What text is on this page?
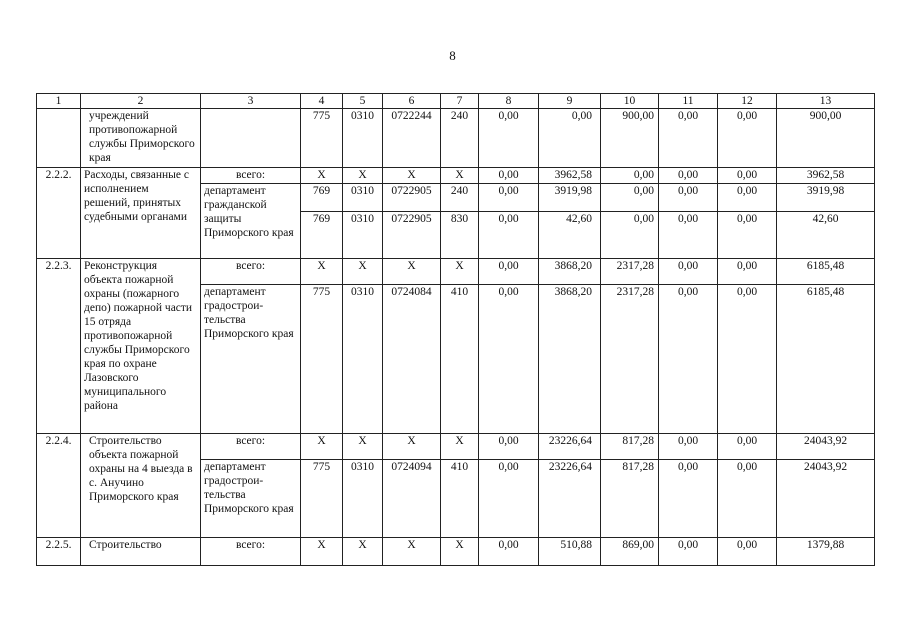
8
1	2	3	4	5	6	7	8	9	10	11	12	13
	учреждений противопожарной службы Приморского края		775	0310	0722244	240	0,00	0,00	900,00	0,00	0,00	900,00
2.2.2.	Расходы, связанные с исполнением решений, принятых судебными органами	всего:	X	X	X	X	0,00	3962,58	0,00	0,00	0,00	3962,58
		департамент гражданской защиты Приморского края	769	0310	0722905	240	0,00	3919,98	0,00	0,00	0,00	3919,98
			769	0310	0722905	830	0,00	42,60	0,00	0,00	0,00	42,60
2.2.3.	Реконструкция объекта пожарной охраны (пожарного депо) пожарной части 15 отряда противопожарной службы Приморского края по охране Лазовского муниципального района	всего:	X	X	X	X	0,00	3868,20	2317,28	0,00	0,00	6185,48
		департамент градострои-тельства Приморского края	775	0310	0724084	410	0,00	3868,20	2317,28	0,00	0,00	6185,48
2.2.4.	Строительство объекта пожарной охраны на 4 выезда в с. Анучино Приморского края	всего:	X	X	X	X	0,00	23226,64	817,28	0,00	0,00	24043,92
		департамент градострои-тельства Приморского края	775	0310	0724094	410	0,00	23226,64	817,28	0,00	0,00	24043,92
2.2.5.	Строительство	всего:	X	X	X	X	0,00	510,88	869,00	0,00	0,00	1379,88
